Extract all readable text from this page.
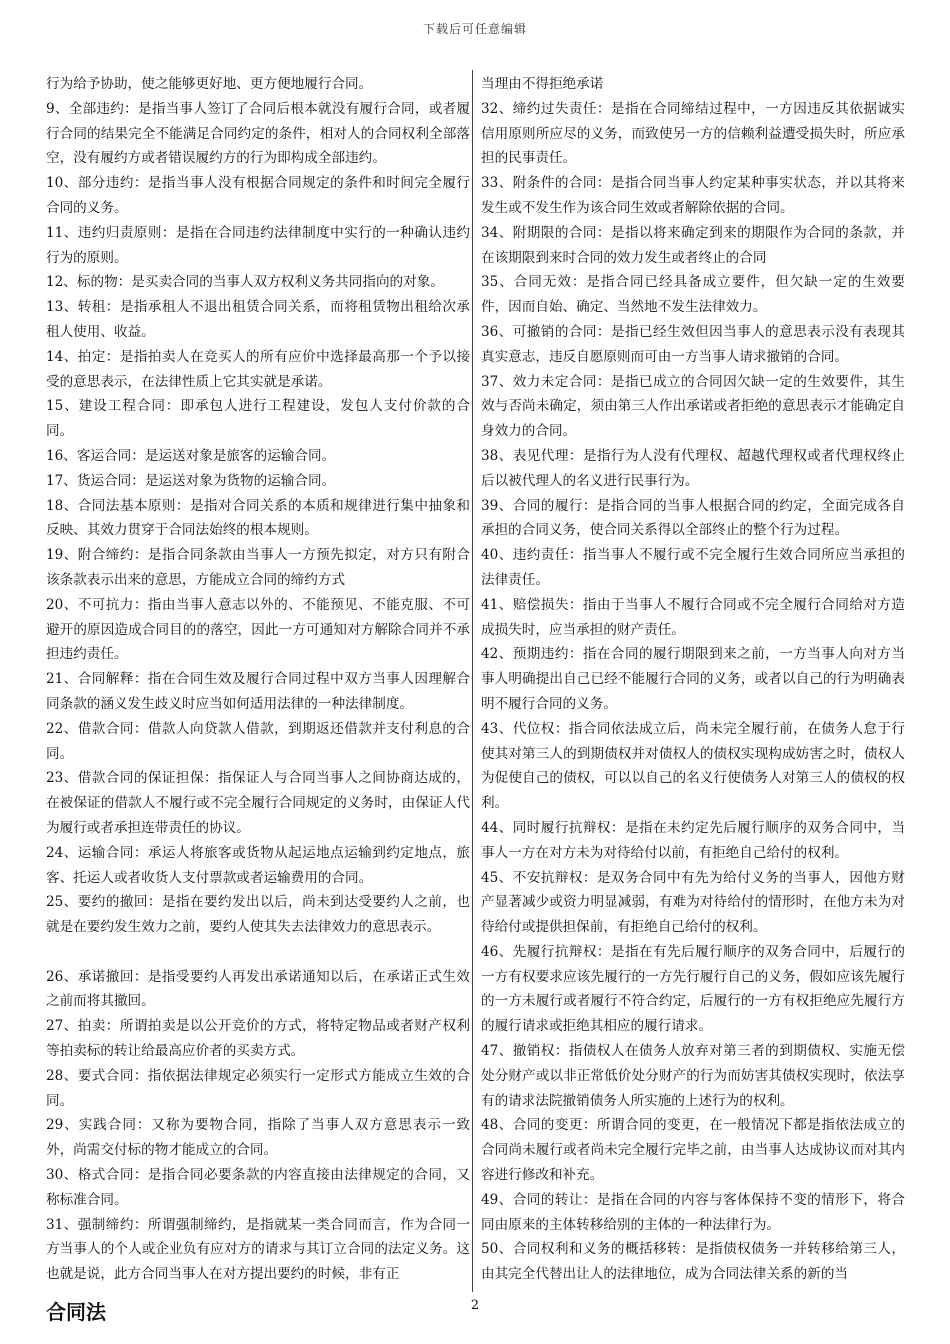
下载后可任意编辑

行为给予协助，使之能够更好地、更方便地履行合同。

9、全部违约：是指当事人签订了合同后根本就没有履行合同，或者履行合同的结果完全不能满足合同约定的条件，相对人的合同权利全部落空，没有履约方或者错误履约方的行为即构成全部违约。

10、部分违约：是指当事人没有根据合同规定的条件和时间完全履行合同的义务。

11、违约归责原则：是指在合同违约法律制度中实行的一种确认违约行为的原则。

12、标的物：是买卖合同的当事人双方权利义务共同指向的对象。

13、转租：是指承租人不退出租赁合同关系，而将租赁物出租给次承租人使用、收益。

14、拍定：是指拍卖人在竞买人的所有应价中选择最高那一个予以接受的意思表示，在法律性质上它其实就是承诺。

15、建设工程合同：即承包人进行工程建设，发包人支付价款的合同。

16、客运合同：是运送对象是旅客的运输合同。

17、货运合同：是运送对象为货物的运输合同。

18、合同法基本原则：是指对合同关系的本质和规律进行集中抽象和反映、其效力贯穿于合同法始终的根本规则。

19、附合缔约：是指合同条款由当事人一方预先拟定，对方只有附合该条款表示出来的意思，方能成立合同的缔约方式

20、不可抗力：指由当事人意志以外的、不能预见、不能克服、不可避开的原因造成合同目的的落空，因此一方可通知对方解除合同并不承担违约责任。

21、合同解释：指在合同生效及履行合同过程中双方当事人因理解合同条款的涵义发生歧义时应当如何适用法律的一种法律制度。

22、借款合同：借款人向贷款人借款，到期返还借款并支付利息的合同。

23、借款合同的保证担保：指保证人与合同当事人之间协商达成的，在被保证的借款人不履行或不完全履行合同规定的义务时，由保证人代为履行或者承担连带责任的协议。

24、运输合同：承运人将旅客或货物从起运地点运输到约定地点，旅客、托运人或者收货人支付票款或者运输费用的合同。

25、要约的撤回：是指在要约发出以后，尚未到达受要约人之前，也就是在要约发生效力之前，要约人使其失去法律效力的意思表示。

26、承诺撤回：是指受要约人再发出承诺通知以后，在承诺正式生效之前而将其撤回。

27、拍卖：所谓拍卖是以公开竞价的方式，将特定物品或者财产权利等拍卖标的转让给最高应价者的买卖方式。

28、要式合同：指依据法律规定必须实行一定形式方能成立生效的合同。

29、实践合同：又称为要物合同，指除了当事人双方意思表示一致外，尚需交付标的物才能成立的合同。

30、格式合同：是指合同必要条款的内容直接由法律规定的合同，又称标准合同。

31、强制缔约：所谓强制缔约，是指就某一类合同而言，作为合同一方当事人的个人或企业负有应对方的请求与其订立合同的法定义务。这也就是说，此方合同当事人在对方提出要约的时候，非有正

当理由不得拒绝承诺

32、缔约过失责任：是指在合同缔结过程中，一方因违反其依据诚实信用原则所应尽的义务，而致使另一方的信赖利益遭受损失时，所应承担的民事责任。

33、附条件的合同：是指合同当事人约定某种事实状态，并以其将来发生或不发生作为该合同生效或者解除依据的合同。

34、附期限的合同：是指以将来确定到来的期限作为合同的条款，并在该期限到来时合同的效力发生或者终止的合同

35、合同无效：是指合同已经具备成立要件，但欠缺一定的生效要件，因而自始、确定、当然地不发生法律效力。

36、可撤销的合同：是指已经生效但因当事人的意思表示没有表现其真实意志，违反自愿原则而可由一方当事人请求撤销的合同。

37、效力未定合同：是指已成立的合同因欠缺一定的生效要件，其生效与否尚未确定，须由第三人作出承诺或者拒绝的意思表示才能确定自身效力的合同。

38、表见代理：是指行为人没有代理权、超越代理权或者代理权终止后以被代理人的名义进行民事行为。

39、合同的履行：是指合同的当事人根据合同的约定，全面完成各自承担的合同义务，使合同关系得以全部终止的整个行为过程。

40、违约责任：指当事人不履行或不完全履行生效合同所应当承担的法律责任。

41、赔偿损失：指由于当事人不履行合同或不完全履行合同给对方造成损失时，应当承担的财产责任。

42、预期违约：指在合同的履行期限到来之前，一方当事人向对方当事人明确提出自己已经不能履行合同的义务，或者以自己的行为明确表明不履行合同的义务。

43、代位权：指合同依法成立后，尚未完全履行前，在债务人怠于行使其对第三人的到期债权并对债权人的债权实现构成妨害之时，债权人为促使自己的债权，可以以自己的名义行使债务人对第三人的债权的权利。

44、同时履行抗辩权：是指在未约定先后履行顺序的双务合同中，当事人一方在对方未为对待给付以前，有拒绝自己给付的权利。

45、不安抗辩权：是双务合同中有先为给付义务的当事人，因他方财产显著减少或资力明显减弱，有难为对待给付的情形时，在他方未为对待给付或提供担保前，有拒绝自己给付的权利。

46、先履行抗辩权：是指在有先后履行顺序的双务合同中，后履行的一方有权要求应该先履行的一方先行履行自己的义务，假如应该先履行的一方未履行或者履行不符合约定，后履行的一方有权拒绝应先履行方的履行请求或拒绝其相应的履行请求。

47、撤销权：指债权人在债务人放弃对第三者的到期债权、实施无偿处分财产或以非正常低价处分财产的行为而妨害其债权实现时，依法享有的请求法院撤销债务人所实施的上述行为的权利。

48、合同的变更：所谓合同的变更，在一般情况下都是指依法成立的合同尚未履行或者尚未完全履行完毕之前，由当事人达成协议而对其内容进行修改和补充。

49、合同的转让：是指在合同的内容与客体保持不变的情形下，将合同由原来的主体转移给别的主体的一种法律行为。

50、合同权利和义务的概括移转：是指债权债务一并转移给第三人，由其完全代替出让人的法律地位，成为合同法律关系的新的当

合同法	2
